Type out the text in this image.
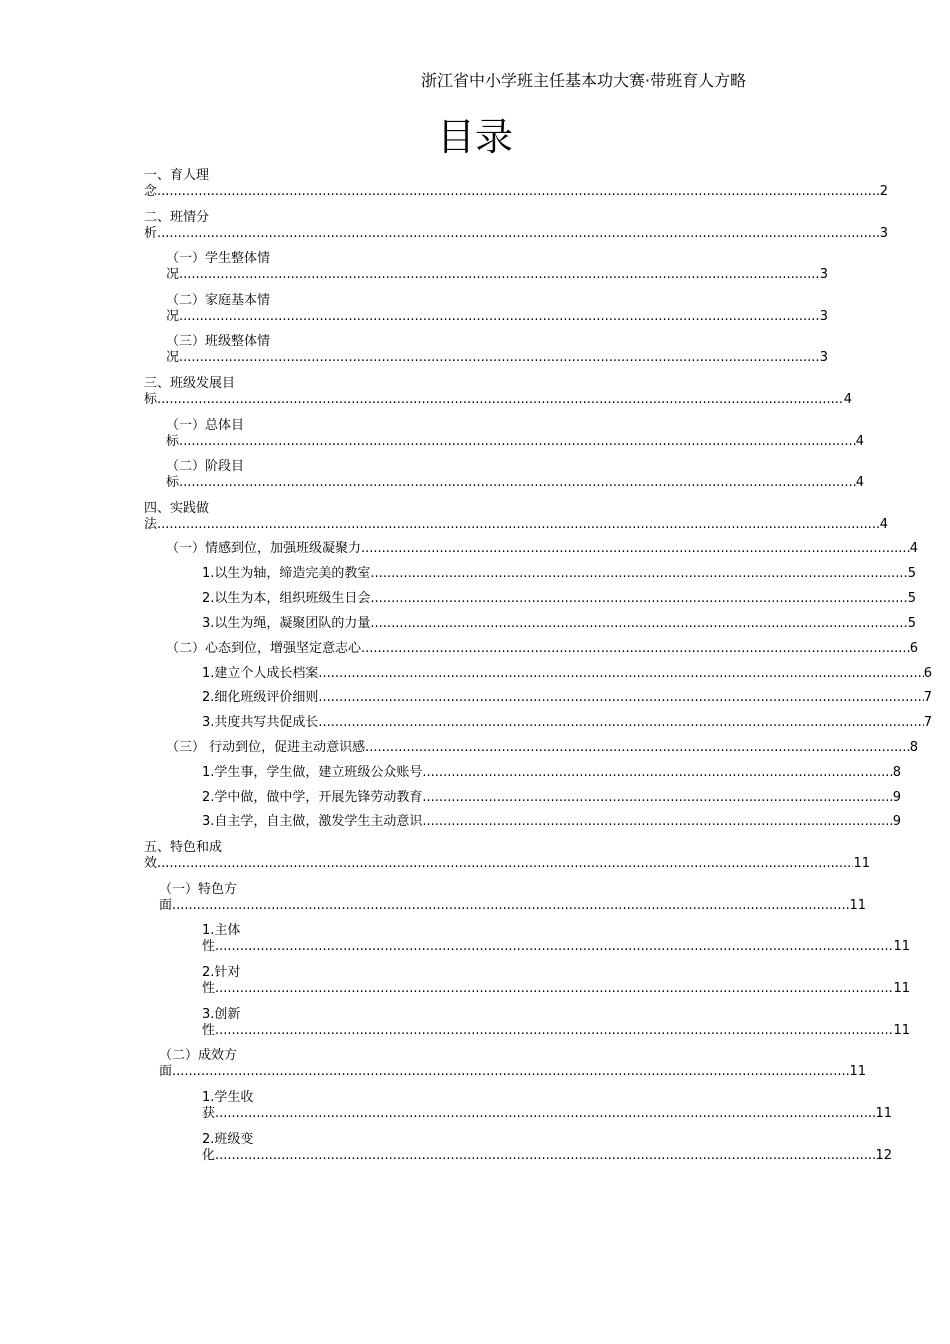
浙江省中小学班主任基本功大赛·带班育人方略
目录
一、育人理
念 .....	2
二、班情分
析 .....	3
（一）学生整体情
况 .....	3
（二）家庭基本情
况 .....	3
（三）班级整体情
况 .....	3
三、班级发展目
标 .....	4
（一）总体目
标 .....	4
（二）阶段目
标 .....	4
四、实践做
法 .....	4
（一）情感到位，加强班级凝聚力 .....	4
1.以生为轴，缔造完美的教室 .....	5
2.以生为本，组织班级生日会 .....	5
3.以生为绳，凝聚团队的力量 .....	5
（二）心态到位，增强坚定意志心 .....	6
1.建立个人成长档案 .....	6
2.细化班级评价细则 .....	7
3.共度共写共促成长 .....	7
（三） 行动到位，促进主动意识感 .....	8
1.学生事，学生做，建立班级公众账号 .....	8
2.学中做，做中学，开展先锋劳动教育 .....	9
3.自主学，自主做，激发学生主动意识 .....	9
五、特色和成
效 .....	11
（一）特色方
面 .....	11
1.主体
性 .....	11
2.针对
性 .....	11
3.创新
性 .....	11
（二）成效方
面 .....	11
1.学生收
获 .....	11
2.班级变
化 .....	12
